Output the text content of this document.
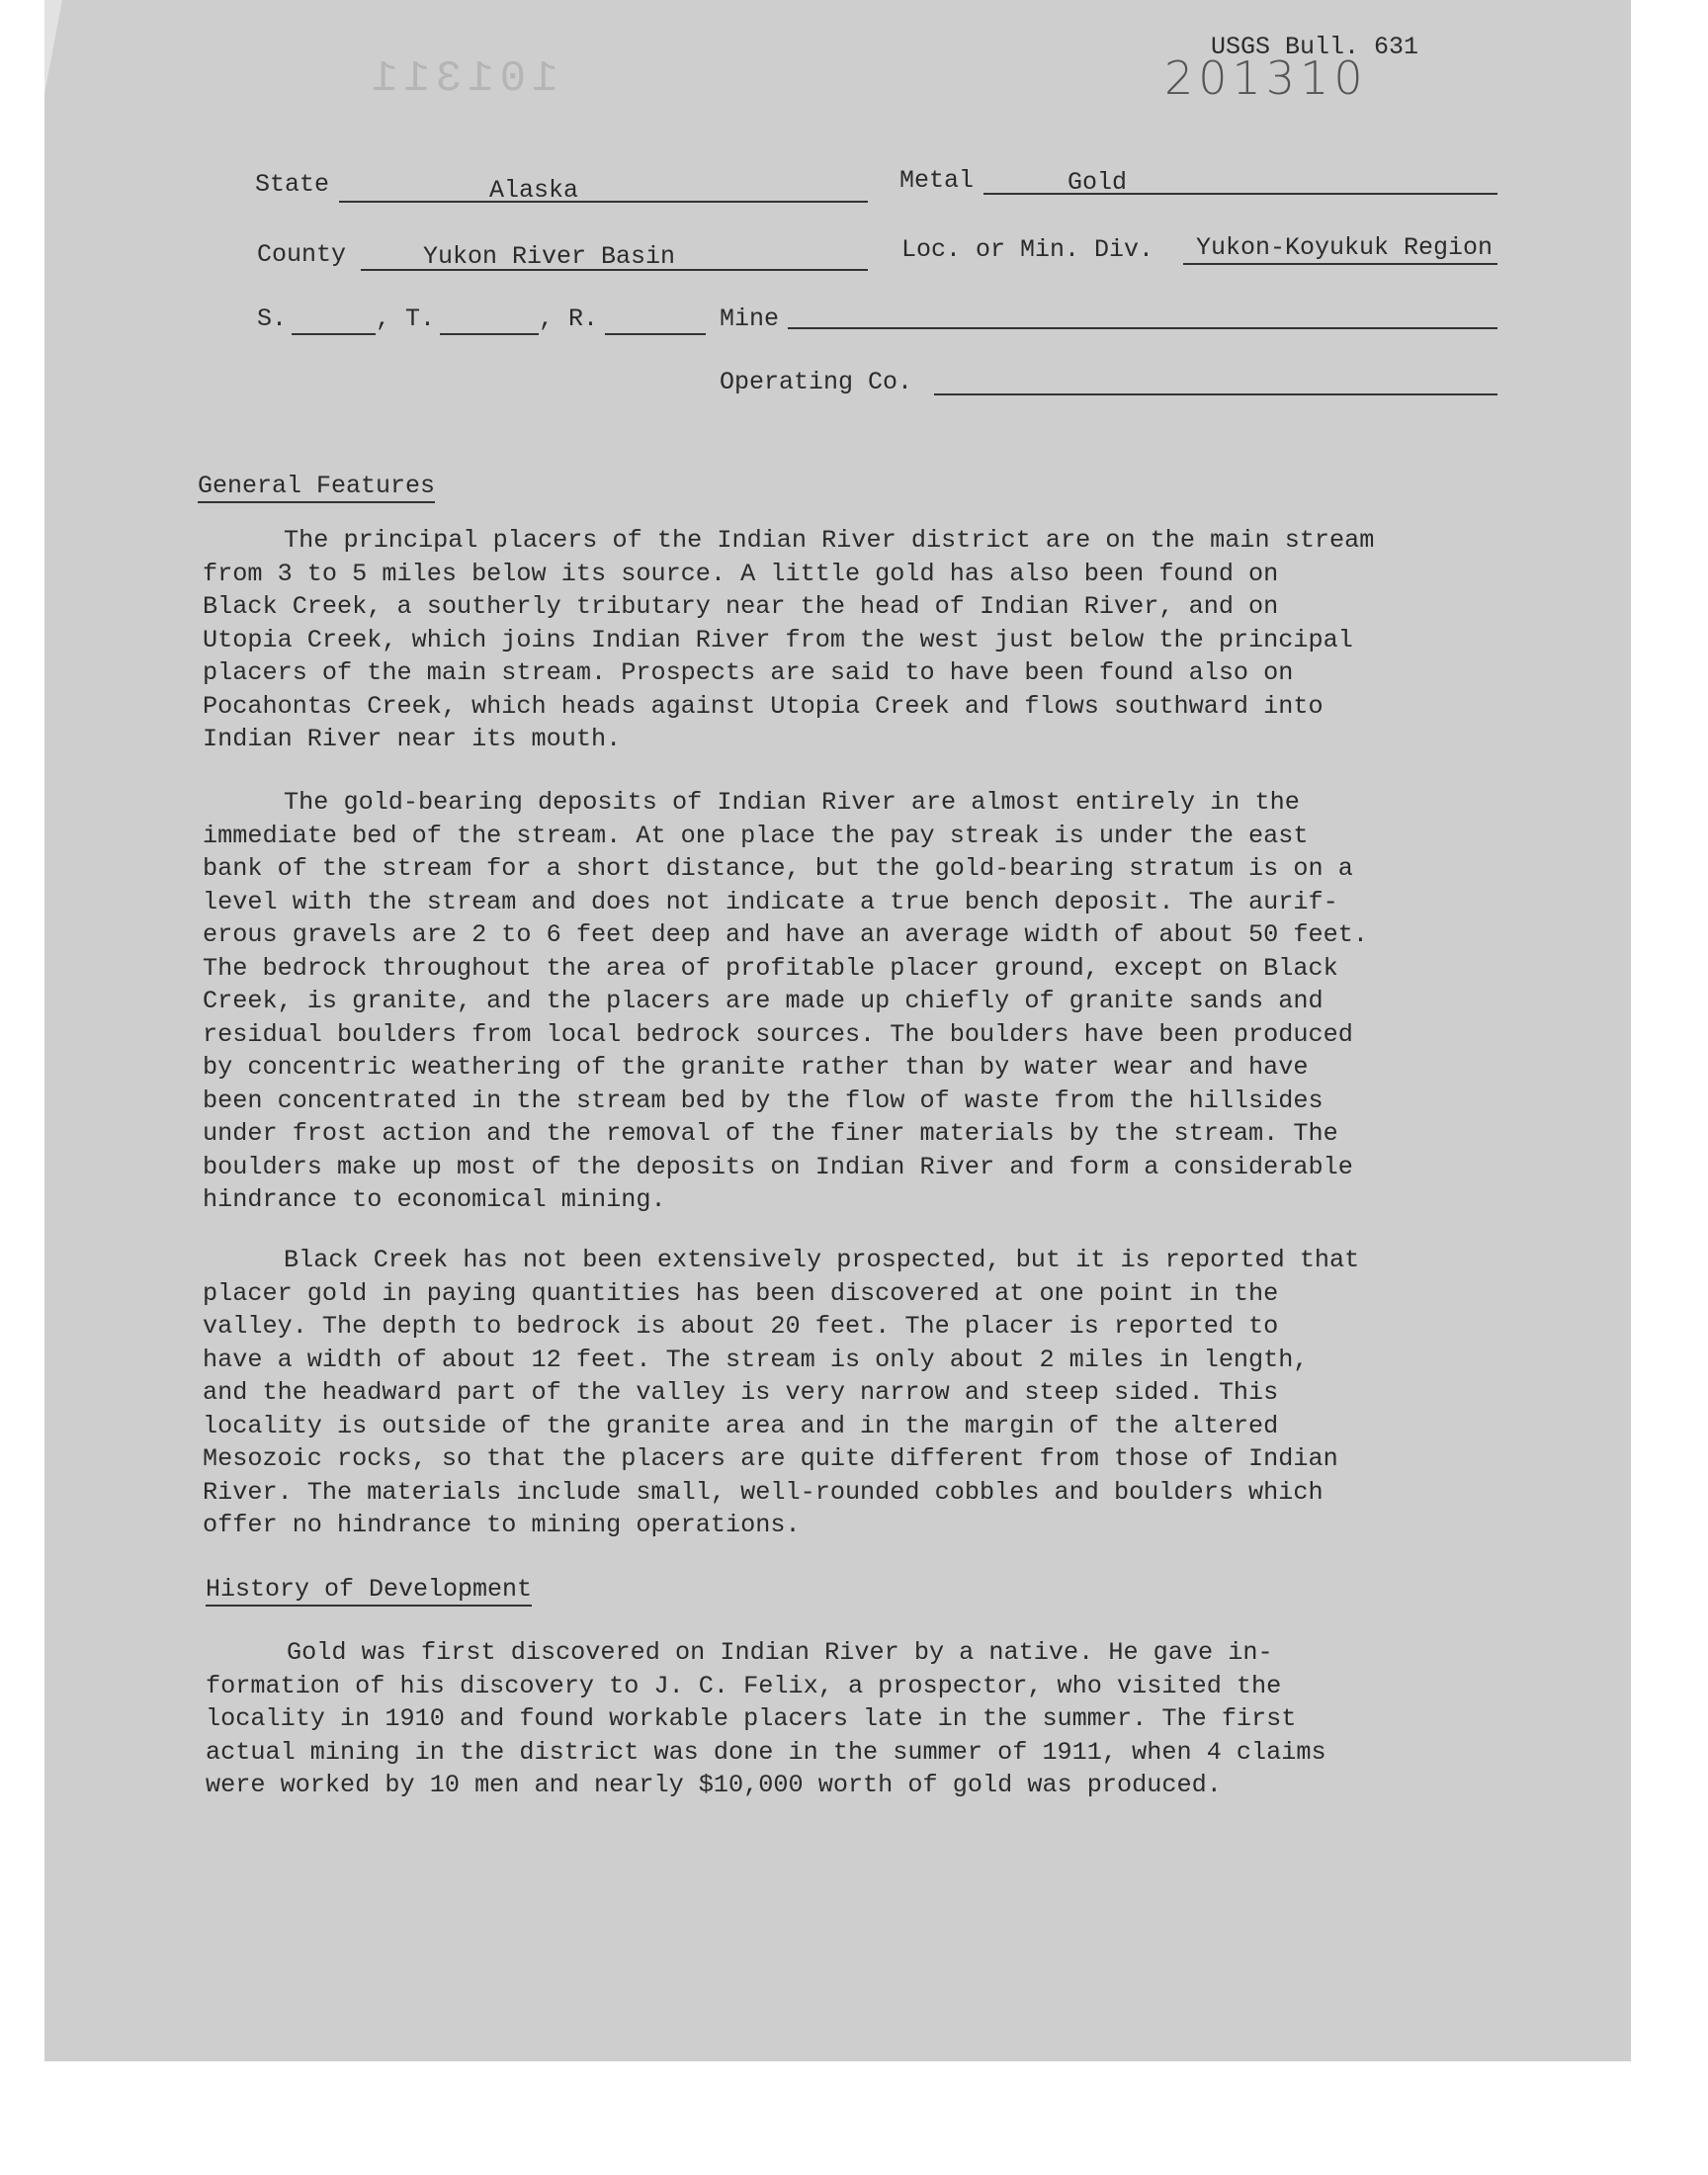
101311
USGS Bull. 631
201310
State	Alaska	Metal	Gold
County	Yukon River Basin	Loc. or Min. Div. Yukon-Koyukuk Region
S.	, T.	, R.	Mine
Operating Co.
General Features
The principal placers of the Indian River district are on the main stream
from 3 to 5 miles below its source. A little gold has also been found on
Black Creek, a southerly tributary near the head of Indian River, and on
Utopia Creek, which joins Indian River from the west just below the principal
placers of the main stream. Prospects are said to have been found also on
Pocahontas Creek, which heads against Utopia Creek and flows southward into
Indian River near its mouth.
The gold-bearing deposits of Indian River are almost entirely in the
immediate bed of the stream. At one place the pay streak is under the east
bank of the stream for a short distance, but the gold-bearing stratum is on a
level with the stream and does not indicate a true bench deposit. The aurif-
erous gravels are 2 to 6 feet deep and have an average width of about 50 feet.
The bedrock throughout the area of profitable placer ground, except on Black
Creek, is granite, and the placers are made up chiefly of granite sands and
residual boulders from local bedrock sources. The boulders have been produced
by concentric weathering of the granite rather than by water wear and have
been concentrated in the stream bed by the flow of waste from the hillsides
under frost action and the removal of the finer materials by the stream. The
boulders make up most of the deposits on Indian River and form a considerable
hindrance to economical mining.
Black Creek has not been extensively prospected, but it is reported that
placer gold in paying quantities has been discovered at one point in the
valley. The depth to bedrock is about 20 feet. The placer is reported to
have a width of about 12 feet. The stream is only about 2 miles in length,
and the headward part of the valley is very narrow and steep sided. This
locality is outside of the granite area and in the margin of the altered
Mesozoic rocks, so that the placers are quite different from those of Indian
River. The materials include small, well-rounded cobbles and boulders which
offer no hindrance to mining operations.
History of Development
Gold was first discovered on Indian River by a native. He gave in-
formation of his discovery to J. C. Felix, a prospector, who visited the
locality in 1910 and found workable placers late in the summer. The first
actual mining in the district was done in the summer of 1911, when 4 claims
were worked by 10 men and nearly $10,000 worth of gold was produced.
